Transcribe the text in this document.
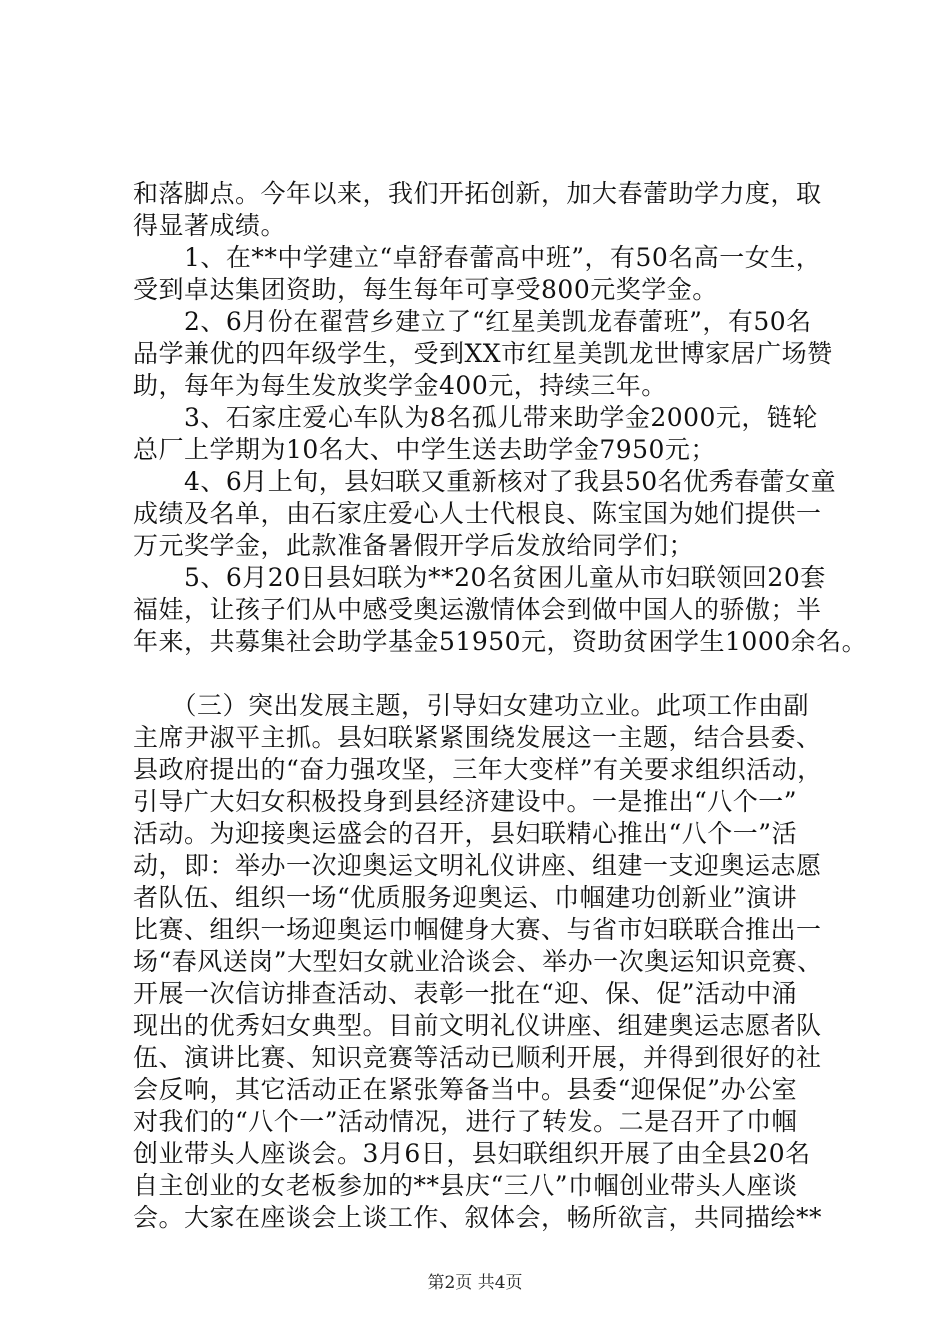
和落脚点。今年以来，我们开拓创新，加大春蕾助学力度，取
得显著成绩。
　　1、在**中学建立“卓舒春蕾高中班”，有50名高一女生，
受到卓达集团资助，每生每年可享受800元奖学金。
　　2、6月份在翟营乡建立了“红星美凯龙春蕾班”，有50名
品学兼优的四年级学生，受到XX市红星美凯龙世博家居广场赞
助，每年为每生发放奖学金400元，持续三年。
　　3、石家庄爱心车队为8名孤儿带来助学金2000元，链轮
总厂上学期为10名大、中学生送去助学金7950元；
　　4、6月上旬，县妇联又重新核对了我县50名优秀春蕾女童
成绩及名单，由石家庄爱心人士代根良、陈宝国为她们提供一
万元奖学金，此款准备暑假开学后发放给同学们；
　　5、6月20日县妇联为**20名贫困儿童从市妇联领回20套
福娃，让孩子们从中感受奥运激情体会到做中国人的骄傲；半
年来，共募集社会助学基金51950元，资助贫困学生1000余名。
　　（三）突出发展主题，引导妇女建功立业。此项工作由副
主席尹淑平主抓。县妇联紧紧围绕发展这一主题，结合县委、
县政府提出的“奋力强攻坚，三年大变样”有关要求组织活动，
引导广大妇女积极投身到县经济建设中。一是推出“八个一”
活动。为迎接奥运盛会的召开，县妇联精心推出“八个一”活
动，即：举办一次迎奥运文明礼仪讲座、组建一支迎奥运志愿
者队伍、组织一场“优质服务迎奥运、巾帼建功创新业”演讲
比赛、组织一场迎奥运巾帼健身大赛、与省市妇联联合推出一
场“春风送岗”大型妇女就业洽谈会、举办一次奥运知识竞赛、
开展一次信访排查活动、表彰一批在“迎、保、促”活动中涌
现出的优秀妇女典型。目前文明礼仪讲座、组建奥运志愿者队
伍、演讲比赛、知识竞赛等活动已顺利开展，并得到很好的社
会反响，其它活动正在紧张筹备当中。县委“迎保促”办公室
对我们的“八个一”活动情况，进行了转发。二是召开了巾帼
创业带头人座谈会。3月6日，县妇联组织开展了由全县20名
自主创业的女老板参加的**县庆“三八”巾帼创业带头人座谈
会。大家在座谈会上谈工作、叙体会，畅所欲言，共同描绘**
第2页 共4页
